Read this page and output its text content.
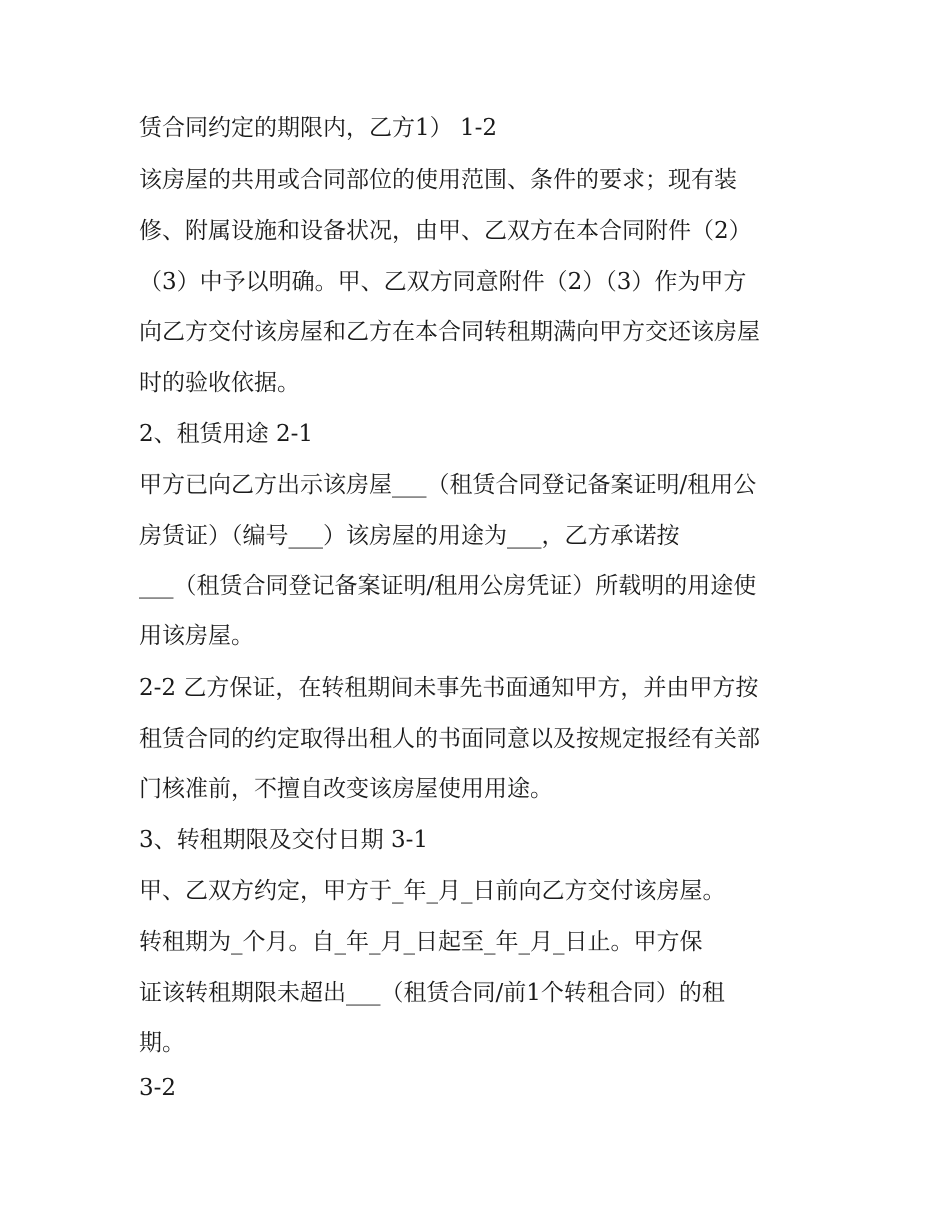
赁合同约定的期限内，乙方1） 1-2
该房屋的共用或合同部位的使用范围、条件的要求；现有装
修、附属设施和设备状况，由甲、乙双方在本合同附件（2）
（3）中予以明确。甲、乙双方同意附件（2）（3）作为甲方
向乙方交付该房屋和乙方在本合同转租期满向甲方交还该房屋
时的验收依据。
2、租赁用途 2-1
甲方已向乙方出示该房屋___（租赁合同登记备案证明/租用公
房赁证）（编号___）该房屋的用途为___，乙方承诺按
___（租赁合同登记备案证明/租用公房凭证）所载明的用途使
用该房屋。
2-2 乙方保证，在转租期间未事先书面通知甲方，并由甲方按
租赁合同的约定取得出租人的书面同意以及按规定报经有关部
门核准前，不擅自改变该房屋使用用途。
3、转租期限及交付日期 3-1
甲、乙双方约定，甲方于_年_月_日前向乙方交付该房屋。
转租期为_个月。自_年_月_日起至_年_月_日止。甲方保
证该转租期限未超出___（租赁合同/前1个转租合同）的租
期。
3-2
